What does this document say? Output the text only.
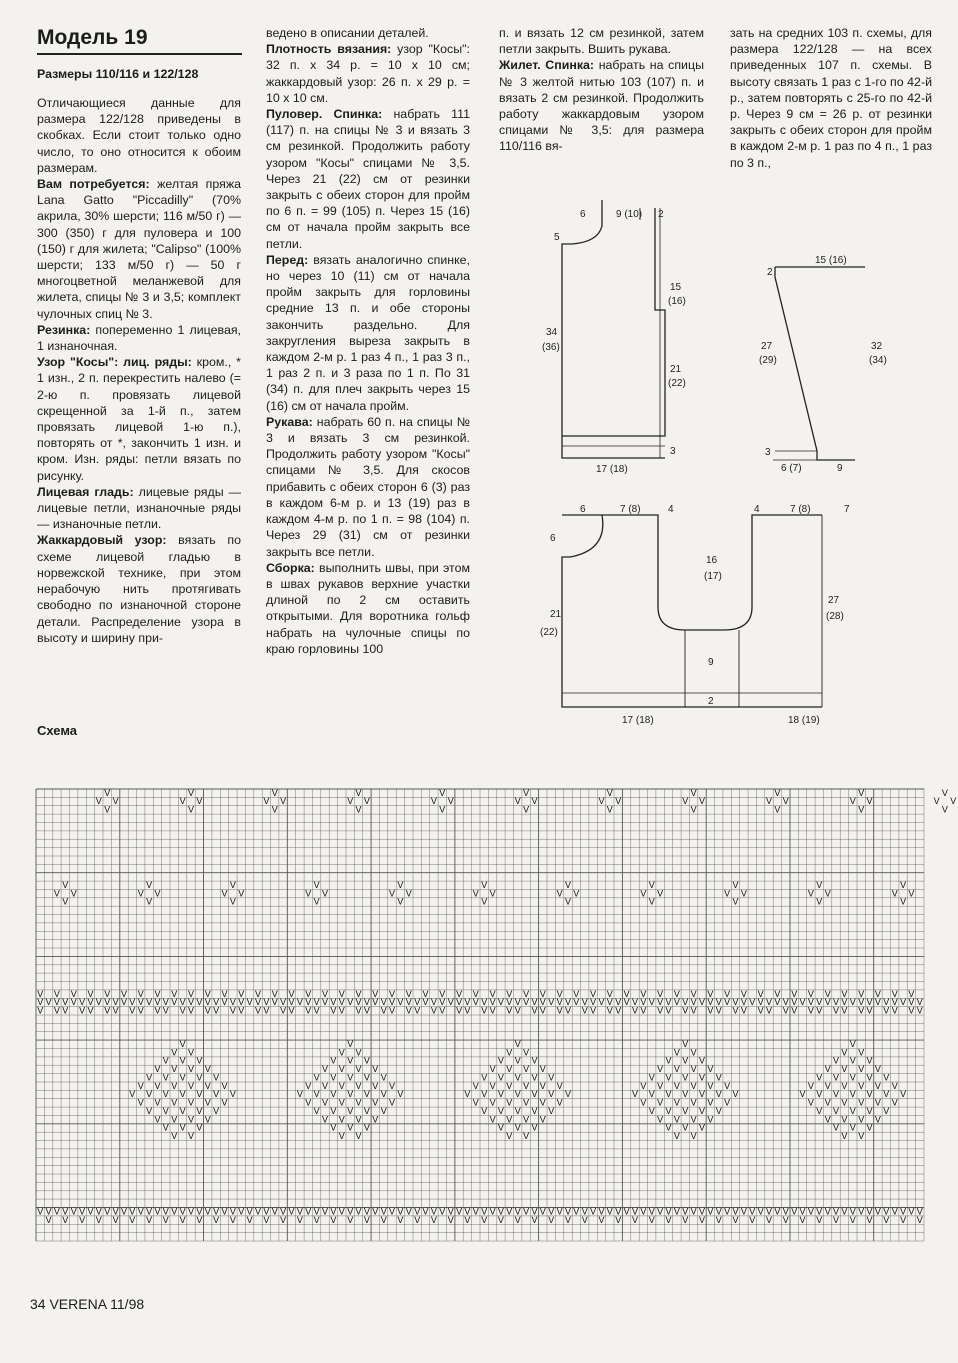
Модель 19
Размеры 110/116 и 122/128

Отличающиеся данные для размера 122/128 приведены в скобках. Если стоит только одно число, то оно относится к обоим размерам.

Вам потребуется: желтая пряжа Lana Gatto "Piccadilly" (70% акрила, 30% шерсти; 116 м/50 г) — 300 (350) г для пуловера и 100 (150) г для жилета; "Calipso" (100% шерсти; 133 м/50 г) — 50 г многоцветной меланжевой для жилета, спицы № 3 и 3,5; комплект чулочных спиц № 3.

Резинка: попеременно 1 лицевая, 1 изнаночная.

Узор "Косы": лиц. ряды: кром., * 1 изн., 2 п. перекрестить налево (= 2-ю п. провязать лицевой скрещенной за 1-й п., затем провязать лицевой 1-ю п.), повторять от *, закончить 1 изн. и кром. Изн. ряды: петли вязать по рисунку.

Лицевая гладь: лицевые ряды — лицевые петли, изнаночные ряды — изнаночные петли.

Жаккардовый узор: вязать по схеме лицевой гладью в норвежской технике, при этом нерабочую нить протягивать свободно по изнаночной стороне детали. Распределение узора в высоту и ширину при-

ведено в описании деталей.

Плотность вязания: узор "Косы": 32 п. х 34 р. = 10 х 10 см; жаккардовый узор: 26 п. х 29 р. = 10 х 10 см.

Пуловер. Спинка: набрать 111 (117) п. на спицы № 3 и вязать 3 см резинкой. Продолжить работу узором "Косы" спицами № 3,5. Через 21 (22) см от резинки закрыть с обеих сторон для пройм по 6 п. = 99 (105) п. Через 15 (16) см от начала пройм закрыть все петли.

Перед: вязать аналогично спинке, но через 10 (11) см от начала пройм закрыть для горловины средние 13 п. и обе стороны закончить раздельно. Для закругления выреза закрыть в каждом 2-м р. 1 раз 4 п., 1 раз 3 п., 1 раз 2 п. и 3 раза по 1 п. По 31 (34) п. для плеч закрыть через 15 (16) см от начала пройм.

Рукава: набрать 60 п. на спицы № 3 и вязать 3 см резинкой. Продолжить работу узором "Косы" спицами № 3,5. Для скосов прибавить с обеих сторон 6 (3) раз в каждом 6-м р. и 13 (19) раз в каждом 4-м р. по 1 п. = 98 (104) п. Через 29 (31) см от резинки закрыть все петли.

Сборка: выполнить швы, при этом в швах рукавов верхние участки длиной по 2 см оставить открытыми. Для воротника гольф набрать на чулочные спицы по краю горловины 100

п. и вязать 12 см резинкой, затем петли закрыть. Вшить рукава.

Жилет. Спинка: набрать на спицы № 3 желтой нитью 103 (107) п. и вязать 2 см резинкой. Продолжить работу жаккардовым узором спицами № 3,5: для размера 110/116 вя-

зать на средних 103 п. схемы, для размера 122/128 — на всех приведенных 107 п. схемы. В высоту связать 1 раз с 1-го по 42-й р., затем повторять с 25-го по 42-й р. Через 9 см = 26 р. от резинки закрыть с обеих сторон для пройм в каждом 2-м р. 1 раз по 4 п., 1 раз по 3 п.,

6	9 (10) 2
5
15
(16)
34
(36)
21
(22)
3
17 (18)
15 (16)
2
27
(29)
32
(34)
3
6 (7)	9
6	7 (8)	4	4	7 (8)	7
6
16
(17)
21
(22)
27
(28)
9
2
17 (18)	18 (19)
Схема
V
V V
V
V
V V
V
V
V V
V
V
V V
V
V
V V
V
V
V V
V
V
V V
V
V
V V
V
V
V V
V
V
V V
V
V
V V
V
V
V V
V
V
V V
V
V
V V
V
V
V V
V
V
V V
V
V
V V
V
V
V V
V
V
V V
V
V
V V
V
V
V V
V
V
V V
V
V
V
V V
V
V
V
V
V
V
V
V
V
V
V
V V
V
V
V
V
V
V
V
V
V
V
V
V V
V
V
V
V
V
V
V
V
V
V
V
V V
V
V
V
V
V
V
V
V
V
V
V
V V
V
V
V
V
V
V
V
V
V
V
V
V V
V
V
V
V
V
V
V
V
V
V
V
V V
V
V
V
V
V
V
V
V
V
V
V
V V
V
V
V
V
V
V
V
V
V
V
V
V V
V
V
V
V
V
V
V
V
V
V
V
V V
V
V
V
V
V
V
V
V
V
V
V
V V
V
V
V
V
V
V
V
V
V
V
V
V V
V
V
V
V
V
V
V
V
V
V
V
V V
V
V
V
V
V
V
V
V
V
V
V
V V
V
V
V
V
V
V
V
V
V
V
V
V V
V
V
V
V
V
V
V
V
V
V
V
V V
V
V
V
V
V
V
V
V
V
V
V
V V
V
V
V
V
V
V
V
V
V
V
V
V V
V
V
V
V
V
V
V V
V V V
V V V V
V V V V V
V V V V V V
V V V V V V V
V V V V V V
V V V V V
V V V V
V V V
V V
V
V V
V V V
V V V V
V V V V V
V V V V V V
V V V V V V V
V V V V V V
V V V V V
V V V V
V V V
V V
V
V V
V V V
V V V V
V V V V V
V V V V V V
V V V V V V V
V V V V V V
V V V V V
V V V V
V V V
V V
V
V V
V V V
V V V V
V V V V V
V V V V V V
V V V V V V V
V V V V V V
V V V V V
V V V V
V V V
V V
V
V V
V V V
V V V V
V V V V V
V V V V V V
V V V V V V V
V V V V V V
V V V V V
V V V V
V V V
V V
V V
V
V V
V
V V
V
V V
V
V V
V
V V
V
V V
V
V V
V
V V
V
V V
V
V V
V
V V
V
V V
V
V V
V
V V
V
V V
V
V V
V
V V
V
V V
V
V V
V
V V
V
V V
V
V V
V
V V
V
V V
V
V V
V
V V
V
V V
V
V V
V
V V
V
V V
V
V V
V
V V
V
V V
V
V V
V
V V
V
V V
V
V V
V
V V
V
V V
V
V V
V
V V
V
V V
V
V V
V
V V
V
V V
V
V V
V
V V
V
V V
V
V V
V
V V
V
V V
V
V V
V
34 VERENA 11/98
